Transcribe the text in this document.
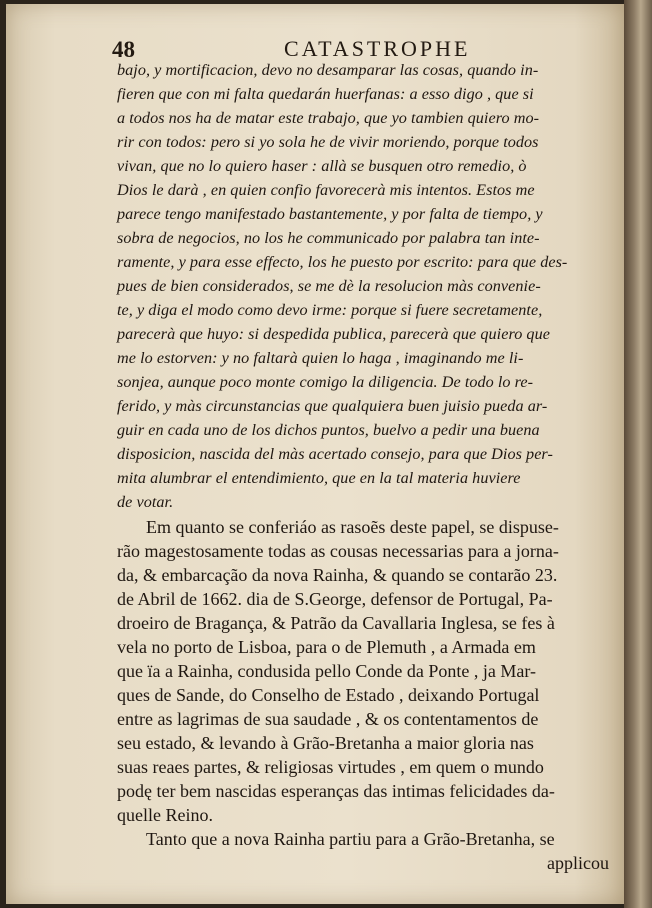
48	CATASTROPHE
bajo, y mortificacion, devo no desamparar las cosas, quando in-
fieren que con mi falta quedarán huerfanas: a esso digo , que si
a todos nos ha de matar este trabajo, que yo tambien quiero mo-
rir con todos: pero si yo sola he de vivir moriendo, porque todos
vivan, que no lo quiero haser : allà se busquen otro remedio, ò
Dios le darà , en quien confio favorecerà mis intentos. Estos me
parece tengo manifestado bastantemente, y por falta de tiempo, y
sobra de negocios, no los he communicado por palabra tan inte-
ramente, y para esse effecto, los he puesto por escrito: para que des-
pues de bien considerados, se me dè la resolucion màs convenie-
te, y diga el modo como devo irme: porque si fuere secretamente,
parecerà que huyo: si despedida publica, parecerà que quiero que
me lo estorven: y no faltarà quien lo haga , imaginando me li-
sonjea, aunque poco monte comigo la diligencia. De todo lo re-
ferido, y màs circunstancias que qualquiera buen juisio pueda ar-
guir en cada uno de los dichos puntos, buelvo a pedir una buena
disposicion, nascida del màs acertado consejo, para que Dios per-
mita alumbrar el entendimiento, que en la tal materia huviere
de votar.
Em quanto se conferiáo as rasoẽs deste papel, se dispuse-
rão magestosamente todas as cousas necessarias para a jorna-
da, & embarcação da nova Rainha, & quando se contarão 23.
de Abril de 1662. dia de S.George, defensor de Portugal, Pa-
droeiro de Bragança, & Patrão da Cavallaria Inglesa, se fes à
vela no porto de Lisboa, para o de Plemuth , a Armada em
que ïa a Rainha, condusida pello Conde da Ponte , ja Mar-
ques de Sande, do Conselho de Estado , deixando Portugal
entre as lagrimas de sua saudade , & os contentamentos de
seu estado, & levando à Grão-Bretanha a maior gloria nas
suas reaes partes, & religiosas virtudes , em quem o mundo
podę ter bem nascidas esperanças das intimas felicidades da-
quelle Reino.
Tanto que a nova Rainha partiu para a Grão-Bretanha, se
applicou
